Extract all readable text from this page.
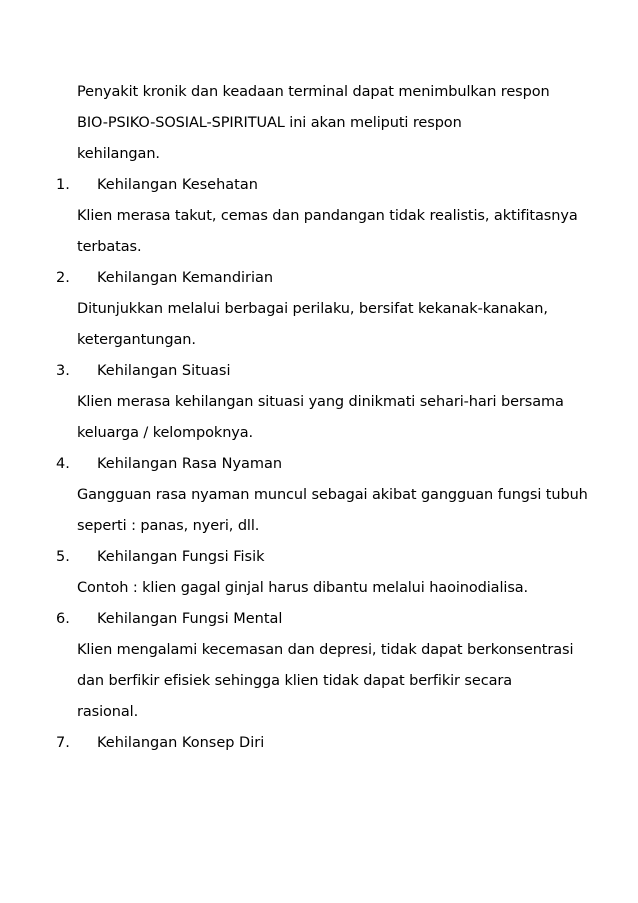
Penyakit kronik dan keadaan terminal dapat menimbulkan respon
BIO-PSIKO-SOSIAL-SPIRITUAL ini akan meliputi respon
kehilangan.
1. Kehilangan Kesehatan
Klien merasa takut, cemas dan pandangan tidak realistis, aktifitasnya
terbatas.
2. Kehilangan Kemandirian
Ditunjukkan melalui berbagai perilaku, bersifat kekanak-kanakan,
ketergantungan.
3. Kehilangan Situasi
Klien merasa kehilangan situasi yang dinikmati sehari-hari bersama
keluarga / kelompoknya.
4. Kehilangan Rasa Nyaman
Gangguan rasa nyaman muncul sebagai akibat gangguan fungsi tubuh
seperti : panas, nyeri, dll.
5. Kehilangan Fungsi Fisik
Contoh : klien gagal ginjal harus dibantu melalui haoinodialisa.
6. Kehilangan Fungsi Mental
Klien mengalami kecemasan dan depresi, tidak dapat berkonsentrasi
dan berfikir efisiek sehingga klien tidak dapat berfikir secara
rasional.
7. Kehilangan Konsep Diri
